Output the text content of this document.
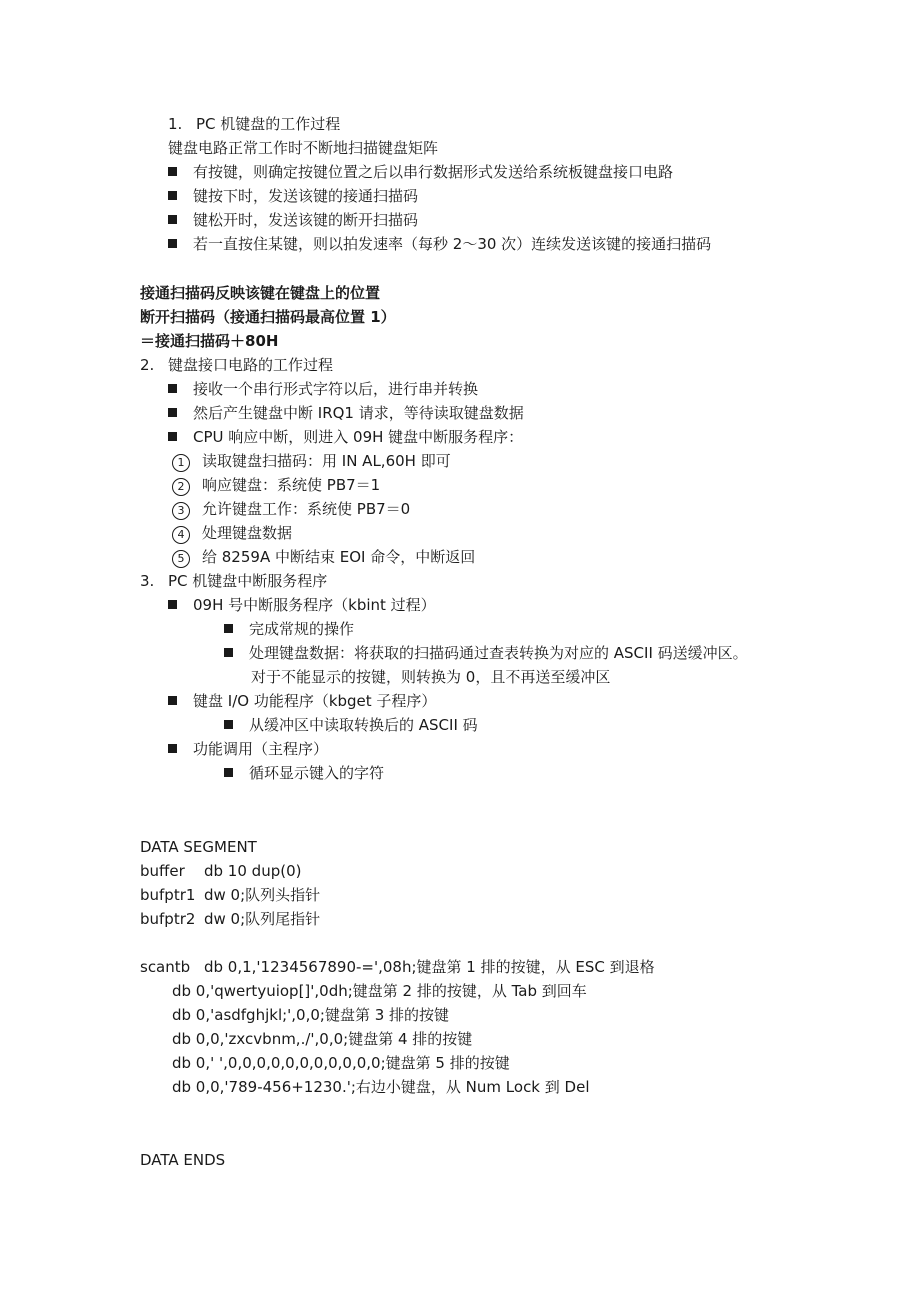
1. PC 机键盘的工作过程
键盘电路正常工作时不断地扫描键盘矩阵
有按键，则确定按键位置之后以串行数据形式发送给系统板键盘接口电路
键按下时，发送该键的接通扫描码
键松开时，发送该键的断开扫描码
若一直按住某键，则以拍发速率（每秒 2～30 次）连续发送该键的接通扫描码
接通扫描码反映该键在键盘上的位置
断开扫描码（接通扫描码最高位置 1）
＝接通扫描码＋80H
2. 键盘接口电路的工作过程
接收一个串行形式字符以后，进行串并转换
然后产生键盘中断 IRQ1 请求，等待读取键盘数据
CPU 响应中断，则进入 09H 键盘中断服务程序：
1 读取键盘扫描码：用 IN AL,60H 即可
2 响应键盘：系统使 PB7＝1
3 允许键盘工作：系统使 PB7＝0
4 处理键盘数据
5 给 8259A 中断结束 EOI 命令，中断返回
3. PC 机键盘中断服务程序
09H 号中断服务程序（kbint 过程）
完成常规的操作
处理键盘数据：将获取的扫描码通过查表转换为对应的 ASCII 码送缓冲区。
对于不能显示的按键，则转换为 0，且不再送至缓冲区
键盘 I/O 功能程序（kbget 子程序）
从缓冲区中读取转换后的 ASCII 码
功能调用（主程序）
循环显示键入的字符
DATA SEGMENT
buffer db 10 dup(0)
bufptr1 dw 0;队列头指针
bufptr2 dw 0;队列尾指针
scantb db 0,1,'1234567890-=',08h;键盘第 1 排的按键，从 ESC 到退格
db 0,'qwertyuiop[]',0dh;键盘第 2 排的按键，从 Tab 到回车
db 0,'asdfghjkl;',0,0;键盘第 3 排的按键
db 0,0,'zxcvbnm,./',0,0;键盘第 4 排的按键
db 0,' ',0,0,0,0,0,0,0,0,0,0,0;键盘第 5 排的按键
db 0,0,'789-456+1230.';右边小键盘，从 Num Lock 到 Del
DATA ENDS
